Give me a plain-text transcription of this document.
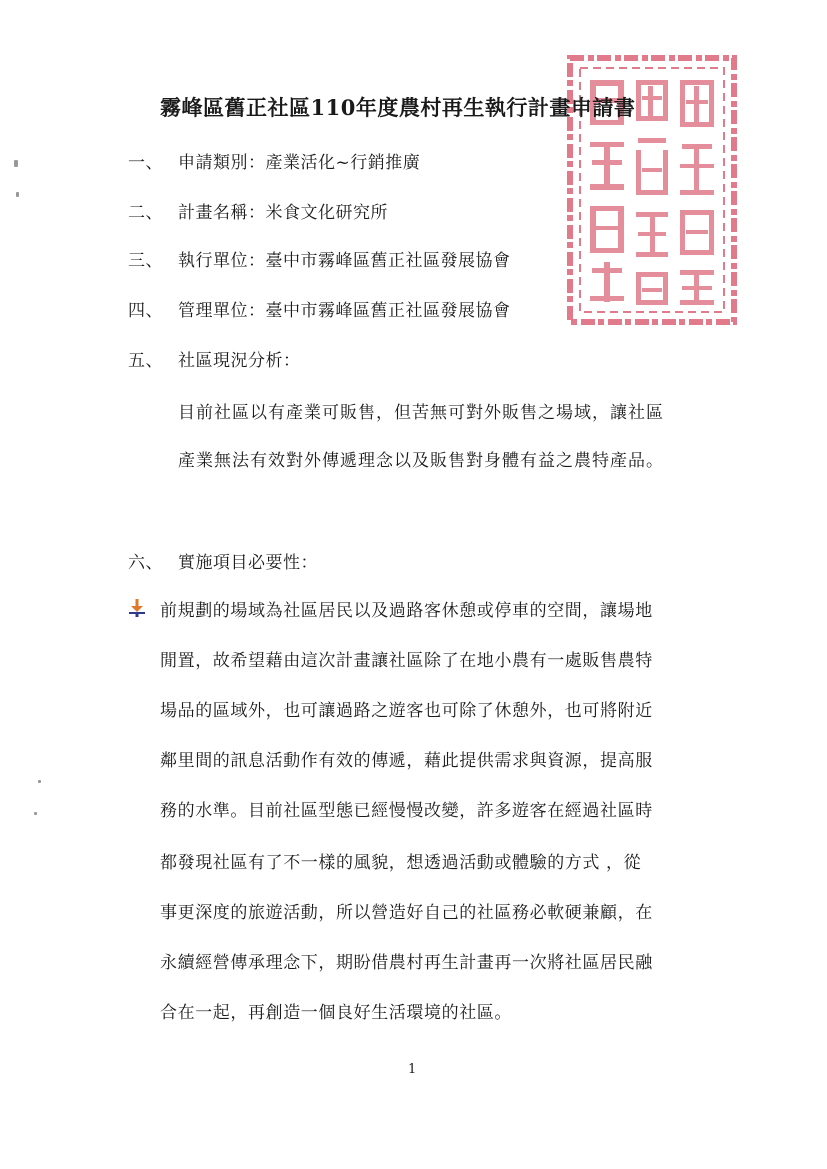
霧峰區舊正社區110年度農村再生執行計畫申請書
一、 申請類別：產業活化~行銷推廣
二、 計畫名稱：米食文化研究所
三、 執行單位：臺中市霧峰區舊正社區發展協會
四、 管理單位：臺中市霧峰區舊正社區發展協會
五、 社區現況分析：
目前社區以有產業可販售，但苦無可對外販售之場域，讓社區
產業無法有效對外傳遞理念以及販售對身體有益之農特產品。
六、 實施項目必要性：
前規劃的場域為社區居民以及過路客休憩或停車的空間，讓場地
閒置，故希望藉由這次計畫讓社區除了在地小農有一處販售農特
場品的區域外，也可讓過路之遊客也可除了休憩外，也可將附近
鄰里間的訊息活動作有效的傳遞，藉此提供需求與資源，提高服
務的水準。目前社區型態已經慢慢改變，許多遊客在經過社區時
都發現社區有了不一樣的風貌，想透過活動或體驗的方式 ，從
事更深度的旅遊活動，所以營造好自己的社區務必軟硬兼顧，在
永續經營傳承理念下，期盼借農村再生計畫再一次將社區居民融
合在一起，再創造一個良好生活環境的社區。
1
